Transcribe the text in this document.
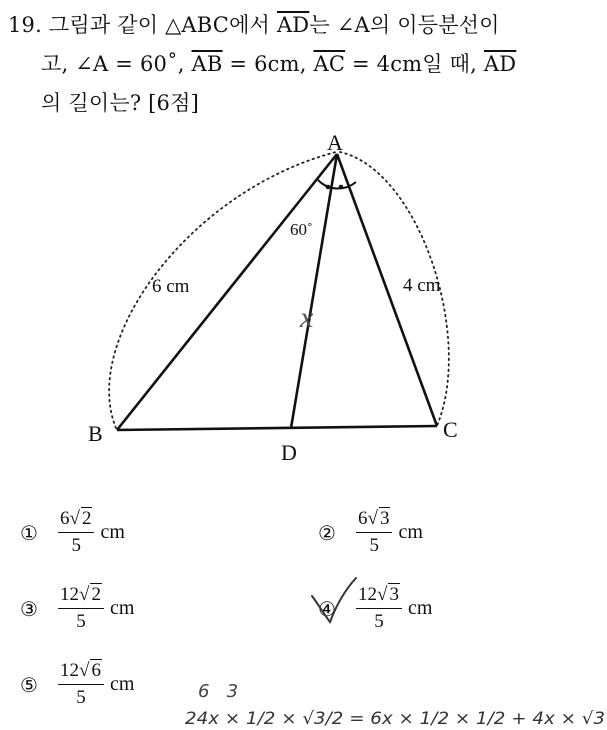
19. 그림과 같이 △ABC에서 $\overline{AD}$는 ∠A의 이등분선이
고, ∠A = 60˚, $\overline{AB} = 6cm$, $\overline{AC} = 4cm$일 때, $\overline{AD}$
의 길이는? [6점]
A
B	C
D
60˚
6 cm	4 cm
x
①	$\frac{6√ 2}{5}$ cm	②	$\frac{6√ 3}{5}$ cm
③	$\frac{12√ 2}{5}$ cm	④	$\frac{12√ 3}{5}$ cm
⑤	$\frac{12√ 6}{5}$ cm	6   3
24x × 1/2 × √3/2 = 6x × 1/2 × 1/2 + 4x × √3
